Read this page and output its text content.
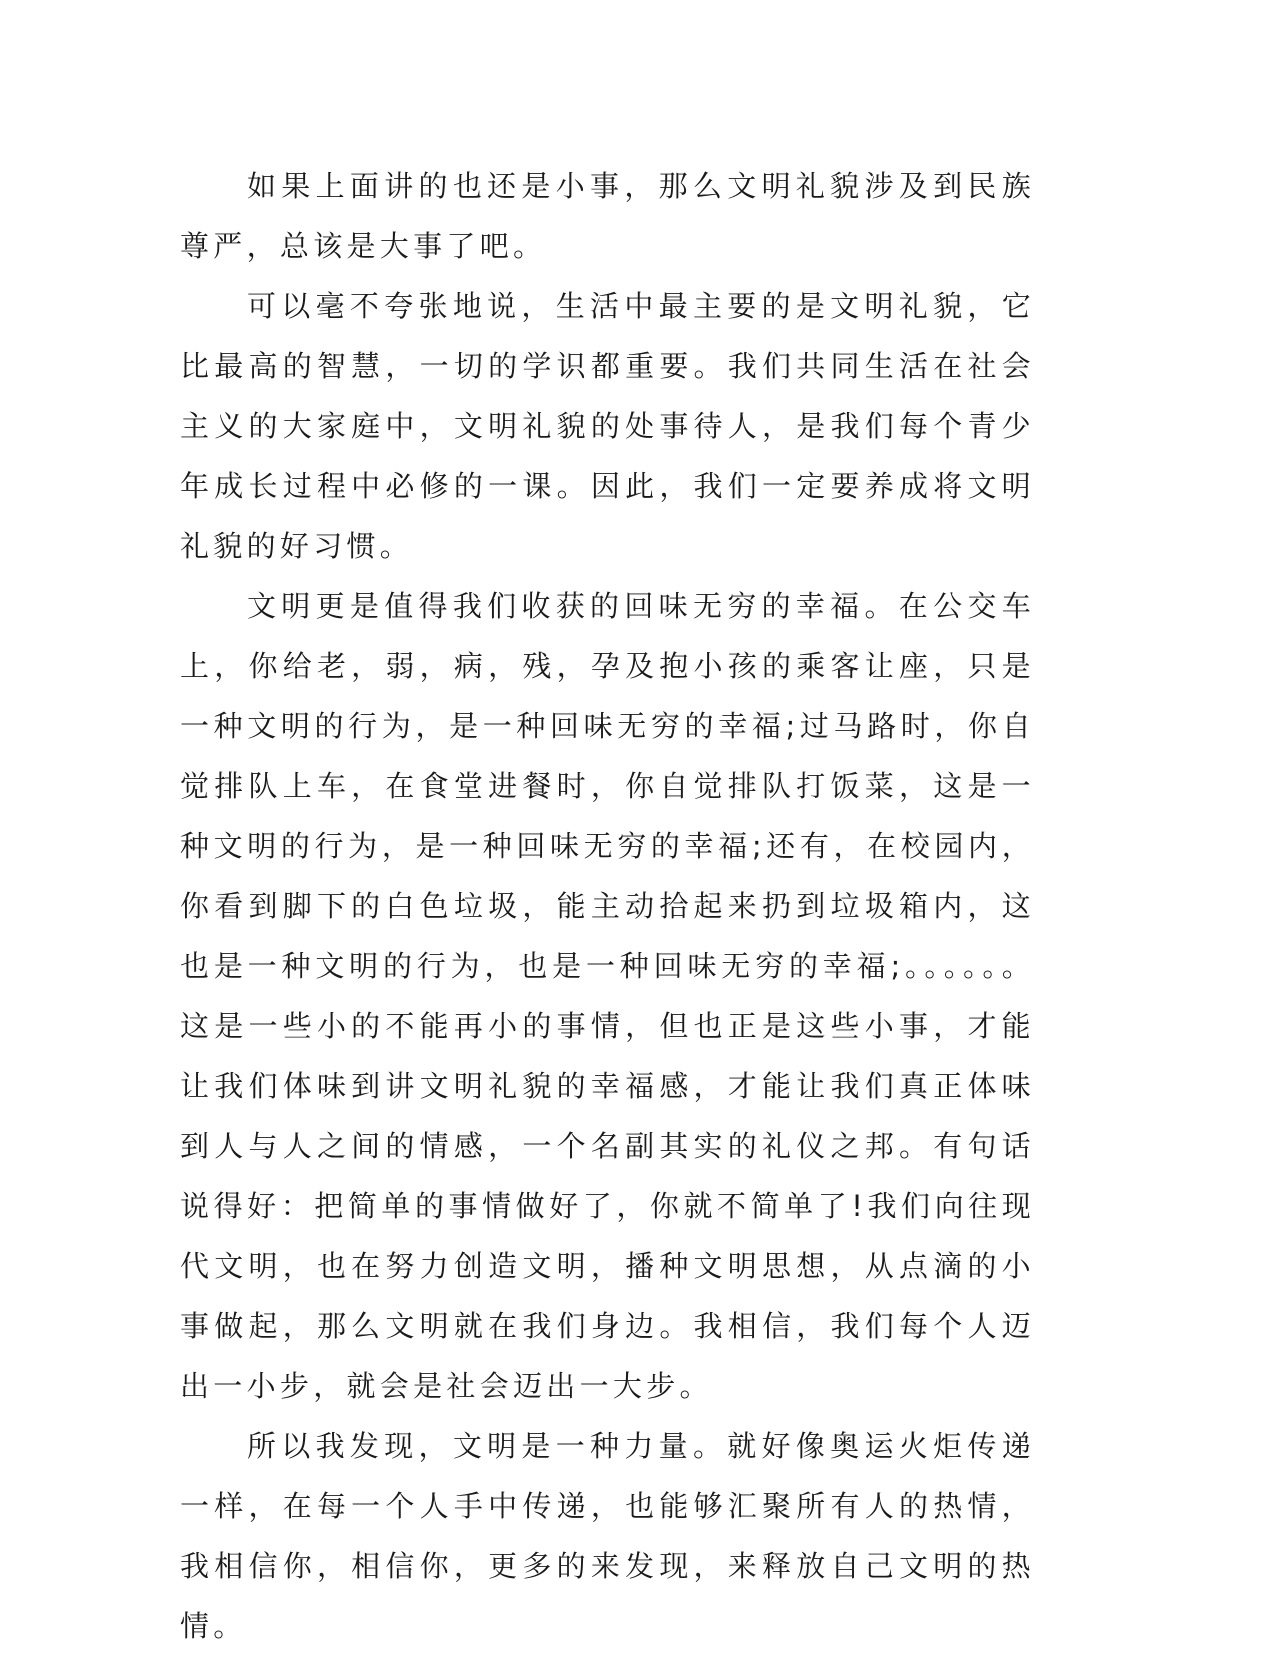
如果上面讲的也还是小事，那么文明礼貌涉及到民族尊严，总该是大事了吧。

可以毫不夸张地说，生活中最主要的是文明礼貌，它比最高的智慧，一切的学识都重要。我们共同生活在社会主义的大家庭中，文明礼貌的处事待人，是我们每个青少年成长过程中必修的一课。因此，我们一定要养成将文明礼貌的好习惯。

文明更是值得我们收获的回味无穷的幸福。在公交车上，你给老，弱，病，残，孕及抱小孩的乘客让座，只是一种文明的行为，是一种回味无穷的幸福;过马路时，你自觉排队上车，在食堂进餐时，你自觉排队打饭菜，这是一种文明的行为，是一种回味无穷的幸福;还有，在校园内，你看到脚下的白色垃圾，能主动拾起来扔到垃圾箱内，这也是一种文明的行为，也是一种回味无穷的幸福;。。。。。。这是一些小的不能再小的事情，但也正是这些小事，才能让我们体味到讲文明礼貌的幸福感，才能让我们真正体味到人与人之间的情感，一个名副其实的礼仪之邦。有句话说得好：把简单的事情做好了，你就不简单了!我们向往现代文明，也在努力创造文明，播种文明思想，从点滴的小事做起，那么文明就在我们身边。我相信，我们每个人迈出一小步，就会是社会迈出一大步。

所以我发现，文明是一种力量。就好像奥运火炬传递一样，在每一个人手中传递，也能够汇聚所有人的热情，我相信你，相信你，更多的来发现，来释放自己文明的热情。
